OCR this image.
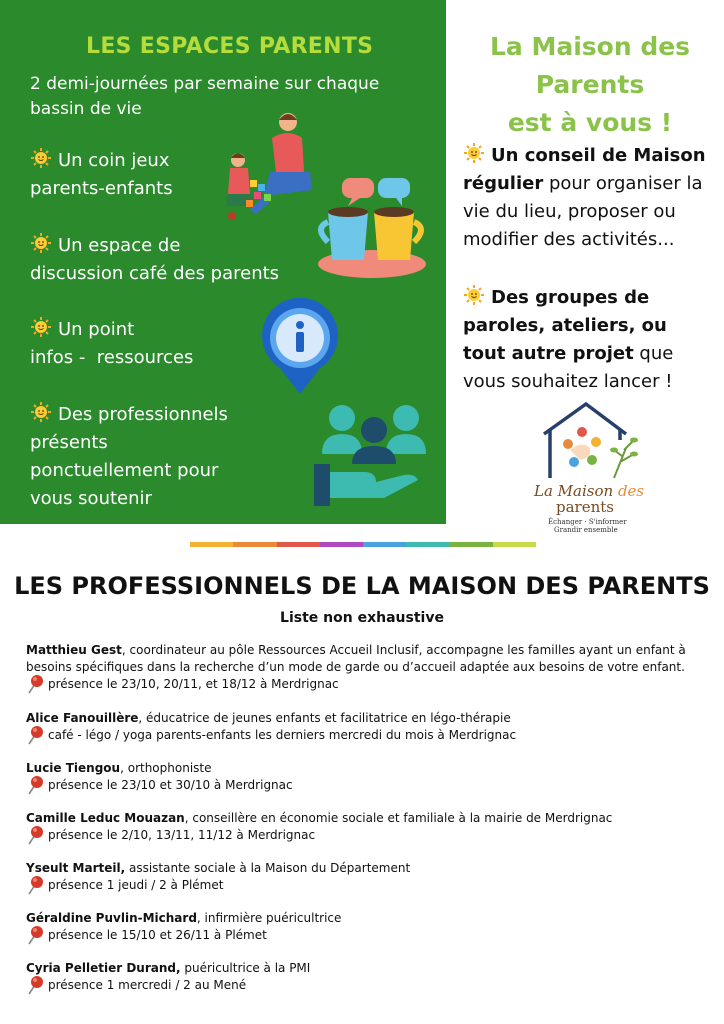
LES ESPACES PARENTS
2 demi-journées par semaine sur chaque bassin de vie
Un coin jeux
parents-enfants
Un espace de
discussion café des parents
Un point
infos -  ressources
Des professionnels
présents
ponctuellement pour
vous soutenir
La Maison des
Parents
est à vous !
Un conseil de Maison régulier pour organiser la vie du lieu, proposer ou modifier des activités...
Des groupes de paroles, ateliers, ou tout autre projet que vous souhaitez lancer !
La Maison des
parents
Échanger · S'informer
Grandir ensemble
LES PROFESSIONNELS DE LA MAISON DES PARENTS
Liste non exhaustive
Matthieu Gest, coordinateur au pôle Ressources Accueil Inclusif, accompagne les familles ayant un enfant à besoins spécifiques dans la recherche d’un mode de garde ou d’accueil adaptée aux besoins de votre enfant.
présence le 23/10, 20/11, et 18/12 à Merdrignac
Alice Fanouillère, éducatrice de jeunes enfants et facilitatrice en légo-thérapie
café - légo / yoga parents-enfants les derniers mercredi du mois à Merdrignac
Lucie Tiengou, orthophoniste
présence le 23/10 et 30/10 à Merdrignac
Camille Leduc Mouazan, conseillère en économie sociale et familiale à la mairie de Merdrignac
présence le 2/10, 13/11, 11/12 à Merdrignac
Yseult Marteil, assistante sociale à la Maison du Département
présence 1 jeudi / 2 à Plémet
Géraldine Puvlin-Michard, infirmière puéricultrice
présence le 15/10 et 26/11 à Plémet
Cyria Pelletier Durand, puéricultrice à la PMI
présence 1 mercredi / 2 au Mené
